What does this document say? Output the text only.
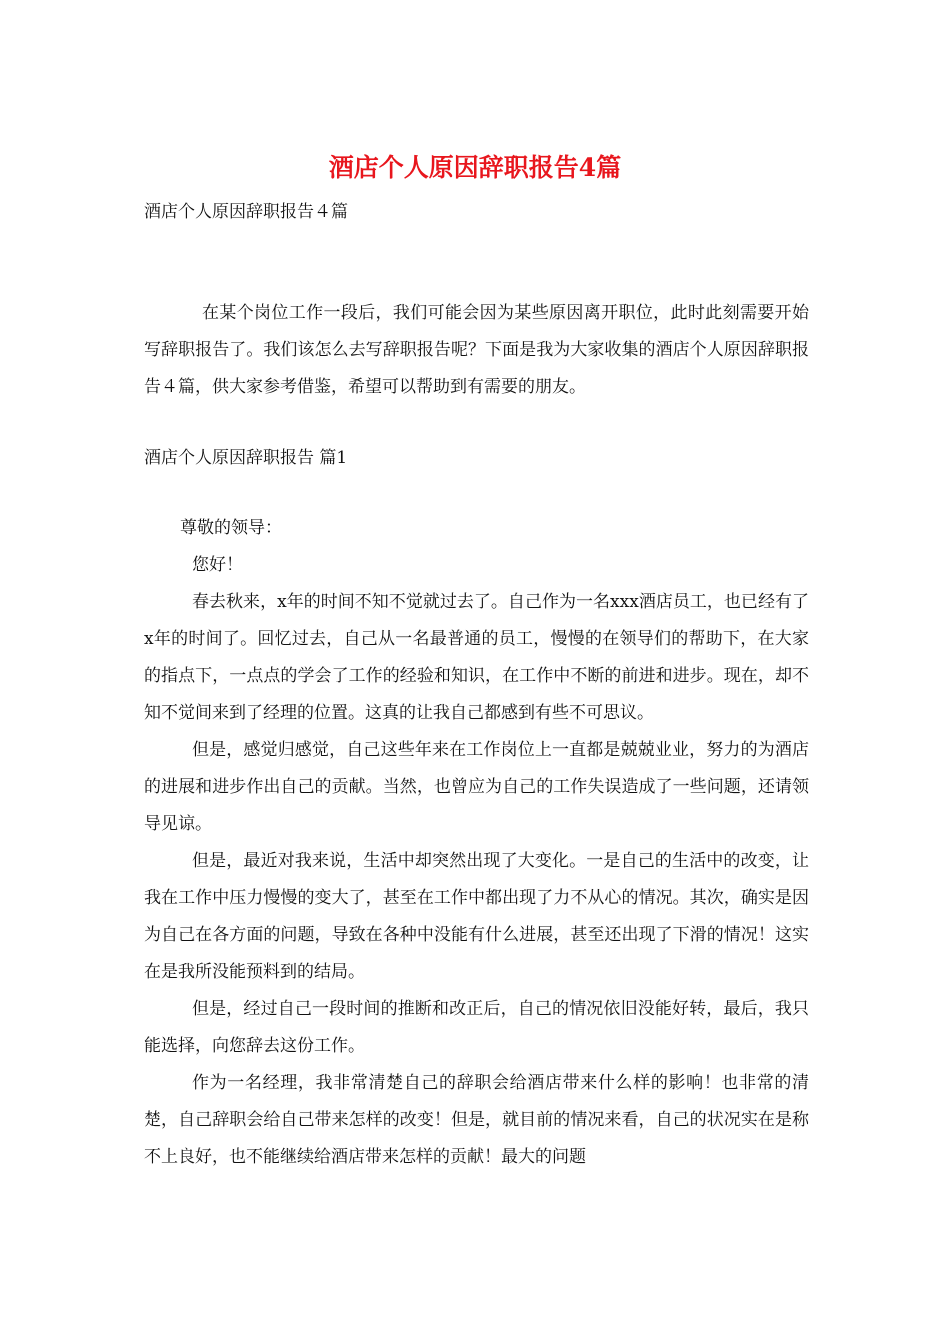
酒店个人原因辞职报告4篇

酒店个人原因辞职报告４篇

在某个岗位工作一段后，我们可能会因为某些原因离开职位，此时此刻需要开始写辞职报告了。我们该怎么去写辞职报告呢？下面是我为大家收集的酒店个人原因辞职报告４篇，供大家参考借鉴，希望可以帮助到有需要的朋友。

酒店个人原因辞职报告 篇1

尊敬的领导：

您好！

春去秋来，x年的时间不知不觉就过去了。自己作为一名xxx酒店员工，也已经有了x年的时间了。回忆过去，自己从一名最普通的员工，慢慢的在领导们的帮助下，在大家的指点下，一点点的学会了工作的经验和知识，在工作中不断的前进和进步。现在，却不知不觉间来到了经理的位置。这真的让我自己都感到有些不可思议。

但是，感觉归感觉，自己这些年来在工作岗位上一直都是兢兢业业，努力的为酒店的进展和进步作出自己的贡献。当然，也曾应为自己的工作失误造成了一些问题，还请领导见谅。

但是，最近对我来说，生活中却突然出现了大变化。一是自己的生活中的改变，让我在工作中压力慢慢的变大了，甚至在工作中都出现了力不从心的情况。其次，确实是因为自己在各方面的问题，导致在各种中没能有什么进展，甚至还出现了下滑的情况！这实在是我所没能预料到的结局。

但是，经过自己一段时间的推断和改正后，自己的情况依旧没能好转，最后，我只能选择，向您辞去这份工作。

作为一名经理，我非常清楚自己的辞职会给酒店带来什么样的影响！也非常的清楚，自己辞职会给自己带来怎样的改变！但是，就目前的情况来看，自己的状况实在是称不上良好，也不能继续给酒店带来怎样的贡献！最大的问题
